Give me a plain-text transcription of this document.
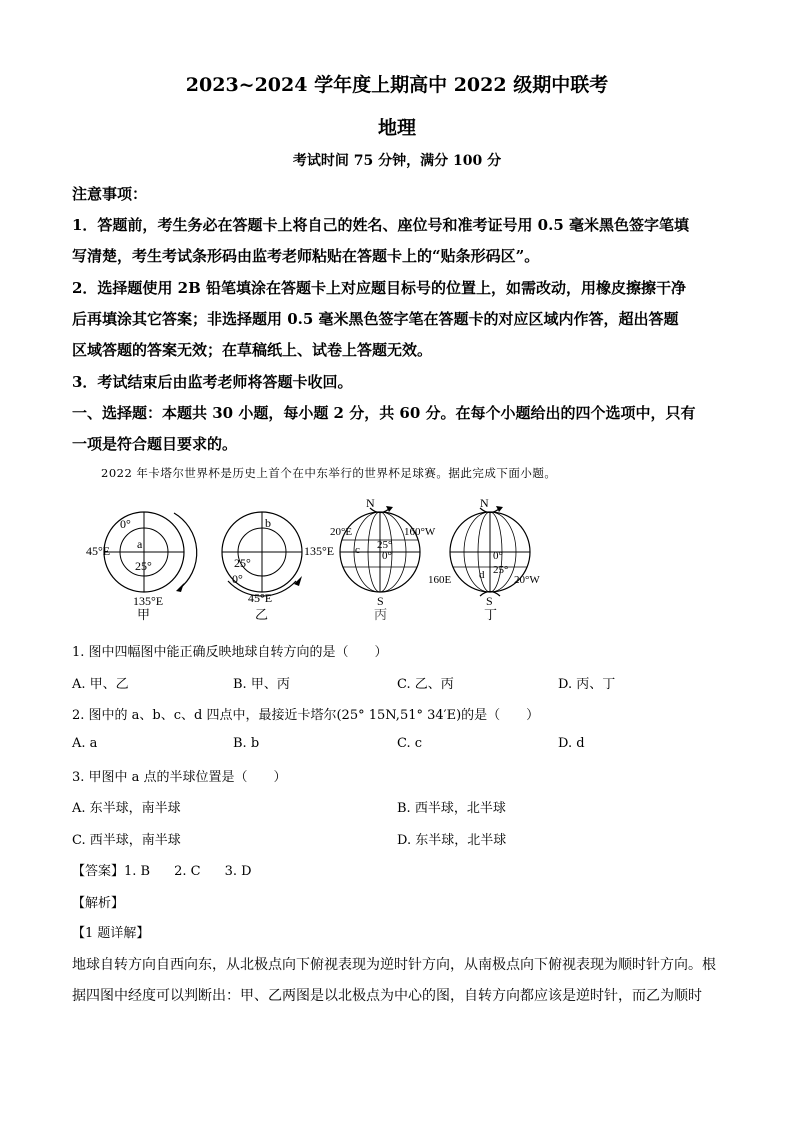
2023~2024 学年度上期高中 2022 级期中联考
地理
考试时间 75 分钟，满分 100 分
注意事项：
1．答题前，考生务必在答题卡上将自己的姓名、座位号和准考证号用 0.5 毫米黑色签字笔填
写清楚，考生考试条形码由监考老师粘贴在答题卡上的“贴条形码区”。
2．选择题使用 2B 铅笔填涂在答题卡上对应题目标号的位置上，如需改动，用橡皮擦擦干净
后再填涂其它答案；非选择题用 0.5 毫米黑色签字笔在答题卡的对应区域内作答，超出答题
区域答题的答案无效；在草稿纸上、试卷上答题无效。
3．考试结束后由监考老师将答题卡收回。
一、选择题：本题共 30 小题，每小题 2 分，共 60 分。在每个小题给出的四个选项中，只有
一项是符合题目要求的。
2022 年卡塔尔世界杯是历史上首个在中东举行的世界杯足球赛。据此完成下面小题。
0°
45°E
135°E
25°
a
甲
b
25°
135°E
0°
45°E
乙
N
20°E	160°W
25°
0°
c
S
丙
N
0°
25°
d
160E	20°W
S
丁
1. 图中四幅图中能正确反映地球自转方向的是（　　）
A. 甲、乙	B. 甲、丙	C. 乙、丙	D. 丙、丁
2. 图中的 a、b、c、d 四点中，最接近卡塔尔(25° 15N,51° 34′E)的是（　　）
A. a	B. b	C. c	D. d
3. 甲图中 a 点的半球位置是（　　）
A. 东半球，南半球	B. 西半球，北半球
C. 西半球，南半球	D. 东半球，北半球
【答案】1. B 2. C 3. D
【解析】
【1 题详解】
地球自转方向自西向东，从北极点向下俯视表现为逆时针方向，从南极点向下俯视表现为顺时针方向。根
据四图中经度可以判断出：甲、乙两图是以北极点为中心的图，自转方向都应该是逆时针，而乙为顺时
